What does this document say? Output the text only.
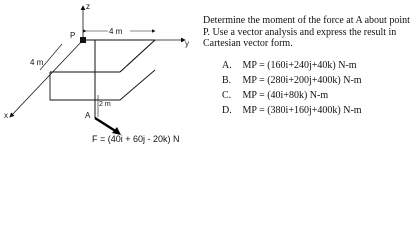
z
y
x
P	4 m
4 m
2 m
A
F = (40i + 60j - 20k) N
Determine the moment of the force at A about point P. Use a vector analysis and express the result in Cartesian vector form.
A. MP = (160i+240j+40k) N-m
B. MP = (280i+200j+400k) N-m
C. MP = (40i+80k) N-m
D. MP = (380i+160j+400k) N-m
